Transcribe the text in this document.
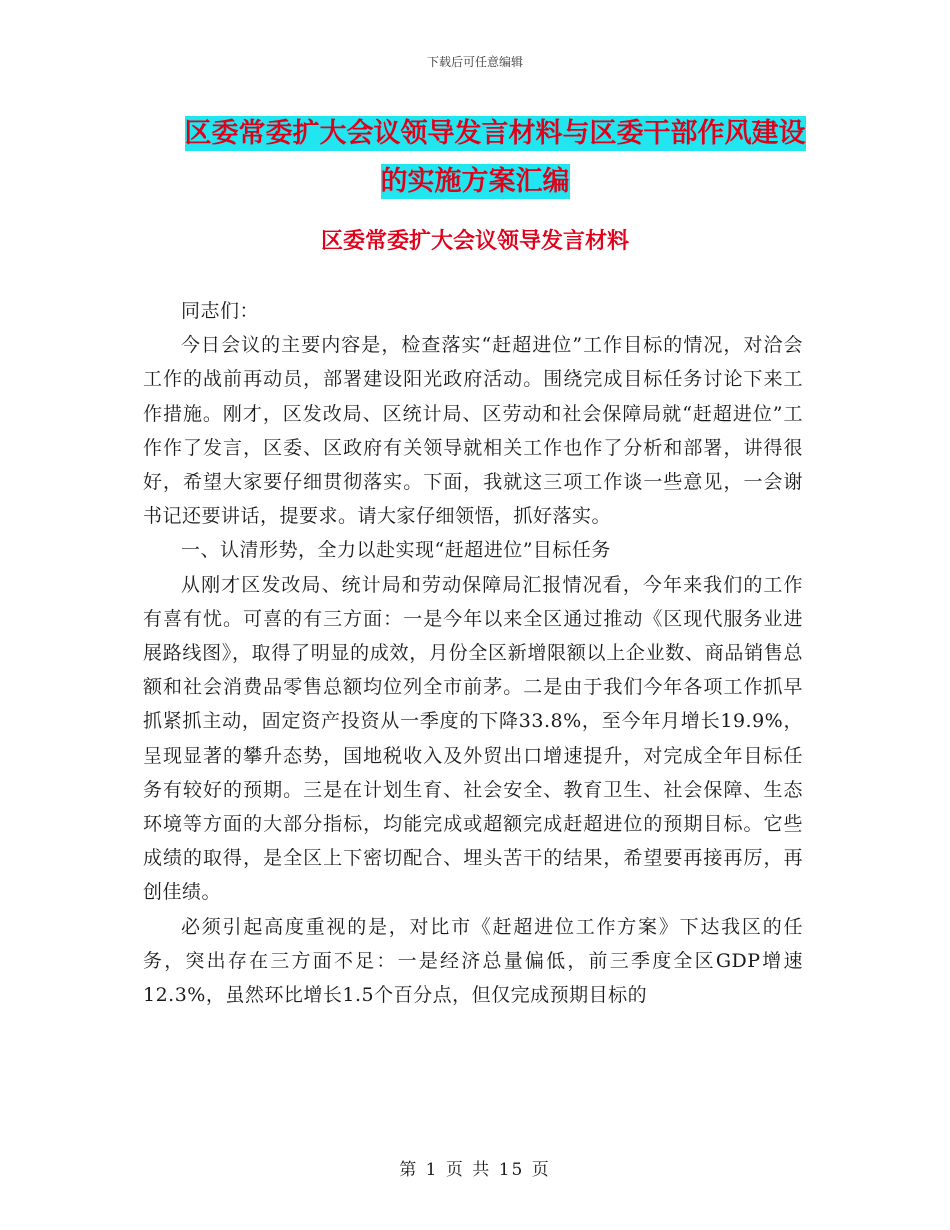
下载后可任意编辑
区委常委扩大会议领导发言材料与区委干部作风建设
的实施方案汇编
区委常委扩大会议领导发言材料

同志们：

今日会议的主要内容是，检查落实“赶超进位”工作目标的情况，对洽会工作的战前再动员，部署建设阳光政府活动。围绕完成目标任务讨论下来工作措施。刚才，区发改局、区统计局、区劳动和社会保障局就“赶超进位”工作作了发言，区委、区政府有关领导就相关工作也作了分析和部署，讲得很好，希望大家要仔细贯彻落实。下面，我就这三项工作谈一些意见，一会谢书记还要讲话，提要求。请大家仔细领悟，抓好落实。

一、认清形势，全力以赴实现“赶超进位”目标任务

从刚才区发改局、统计局和劳动保障局汇报情况看，今年来我们的工作有喜有忧。可喜的有三方面：一是今年以来全区通过推动《区现代服务业进展路线图》，取得了明显的成效，月份全区新增限额以上企业数、商品销售总额和社会消费品零售总额均位列全市前茅。二是由于我们今年各项工作抓早抓紧抓主动，固定资产投资从一季度的下降33.8%，至今年月增长19.9%，呈现显著的攀升态势，国地税收入及外贸出口增速提升，对完成全年目标任务有较好的预期。三是在计划生育、社会安全、教育卫生、社会保障、生态环境等方面的大部分指标，均能完成或超额完成赶超进位的预期目标。它些成绩的取得，是全区上下密切配合、埋头苦干的结果，希望要再接再厉，再创佳绩。

必须引起高度重视的是，对比市《赶超进位工作方案》下达我区的任务，突出存在三方面不足：一是经济总量偏低，前三季度全区GDP增速12.3%，虽然环比增长1.5个百分点，但仅完成预期目标的

第 1 页 共 15 页
